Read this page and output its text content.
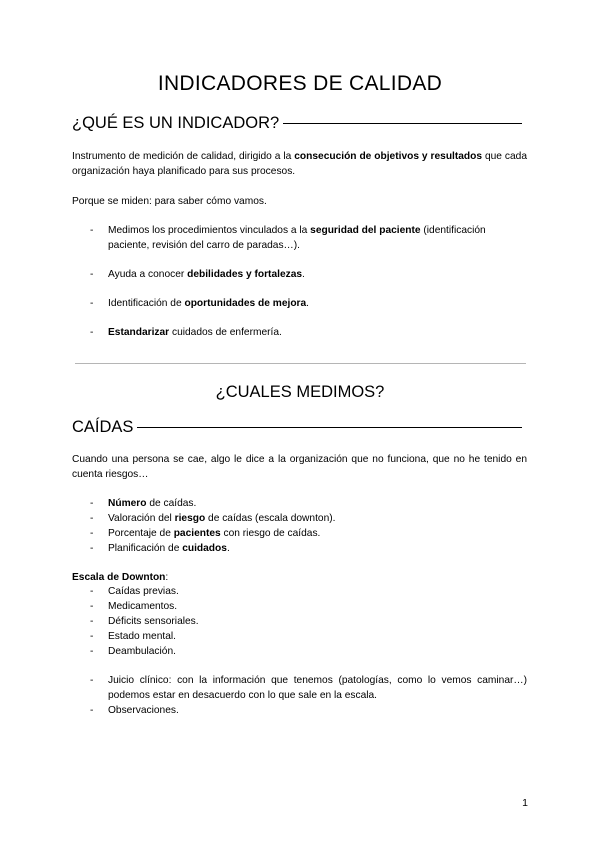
INDICADORES DE CALIDAD
¿QUÉ ES UN INDICADOR?

Instrumento de medición de calidad, dirigido a la consecución de objetivos y resultados que cada organización haya planificado para sus procesos.

Porque se miden: para saber cómo vamos.

- Medimos los procedimientos vinculados a la seguridad del paciente (identificación paciente, revisión del carro de paradas…).
- Ayuda a conocer debilidades y fortalezas.
- Identificación de oportunidades de mejora.
- Estandarizar cuidados de enfermería.
¿CUALES MEDIMOS?
CAÍDAS

Cuando una persona se cae, algo le dice a la organización que no funciona, que no he tenido en cuenta riesgos…

- Número de caídas.
- Valoración del riesgo de caídas (escala downton).
- Porcentaje de pacientes con riesgo de caídas.
- Planificación de cuidados.

Escala de Downton:

- Caídas previas.
- Medicamentos.
- Déficits sensoriales.
- Estado mental.
- Deambulación.
- Juicio clínico: con la información que tenemos (patologías, como lo vemos caminar…) podemos estar en desacuerdo con lo que sale en la escala.
- Observaciones.
1
